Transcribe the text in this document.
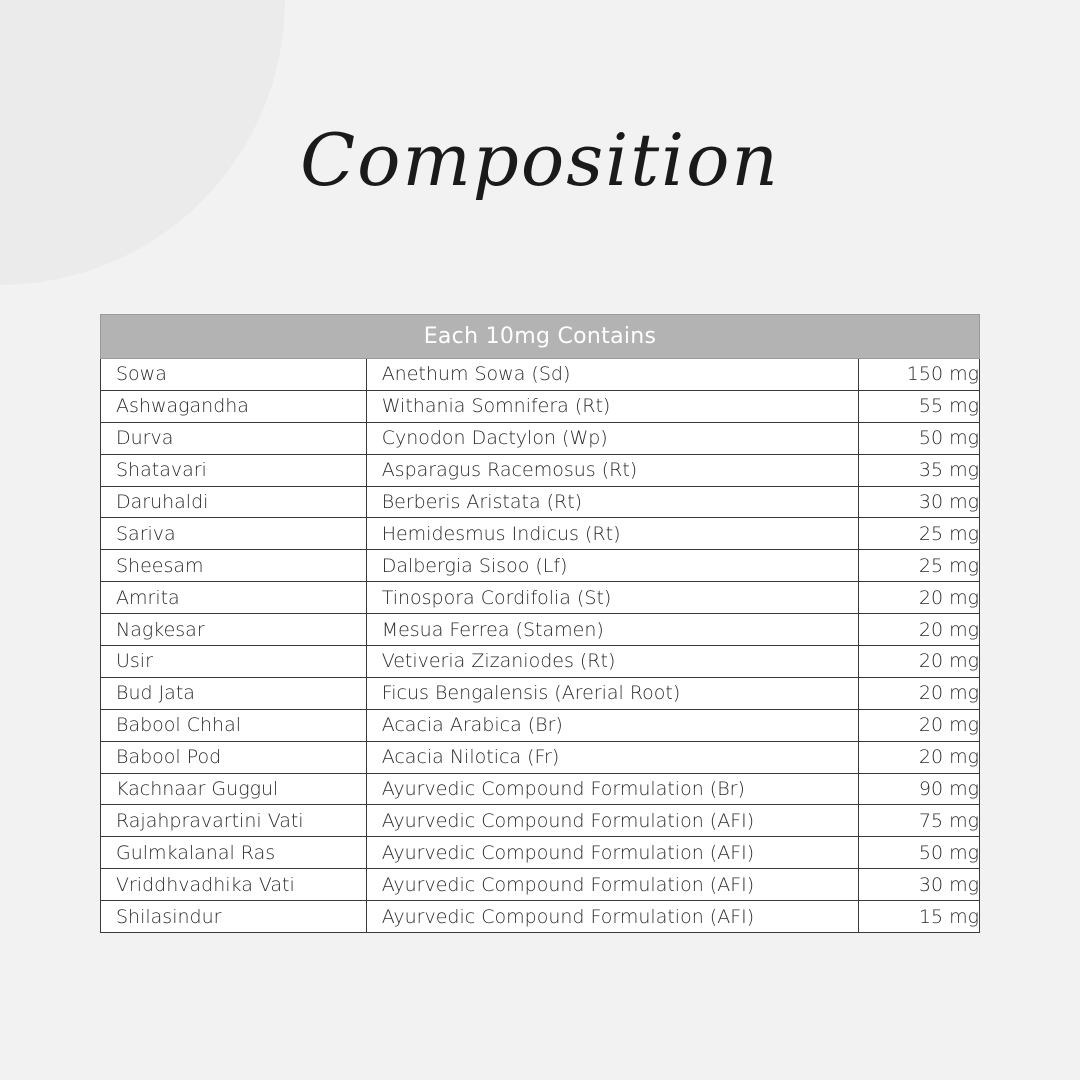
Composition
Each 10mg Contains		
Sowa	Anethum Sowa (Sd)	150 mg
Ashwagandha	Withania Somnifera (Rt)	55 mg
Durva	Cynodon Dactylon (Wp)	50 mg
Shatavari	Asparagus Racemosus (Rt)	35 mg
Daruhaldi	Berberis Aristata (Rt)	30 mg
Sariva	Hemidesmus Indicus (Rt)	25 mg
Sheesam	Dalbergia Sisoo (Lf)	25 mg
Amrita	Tinospora Cordifolia (St)	20 mg
Nagkesar	Mesua Ferrea (Stamen)	20 mg
Usir	Vetiveria Zizaniodes (Rt)	20 mg
Bud Jata	Ficus Bengalensis (Arerial Root)	20 mg
Babool Chhal	Acacia Arabica (Br)	20 mg
Babool Pod	Acacia Nilotica (Fr)	20 mg
Kachnaar Guggul	Ayurvedic Compound Formulation (Br)	90 mg
Rajahpravartini Vati	Ayurvedic Compound Formulation (AFI)	75 mg
Gulmkalanal Ras	Ayurvedic Compound Formulation (AFI)	50 mg
Vriddhvadhika Vati	Ayurvedic Compound Formulation (AFI)	30 mg
Shilasindur	Ayurvedic Compound Formulation (AFI)	15 mg
